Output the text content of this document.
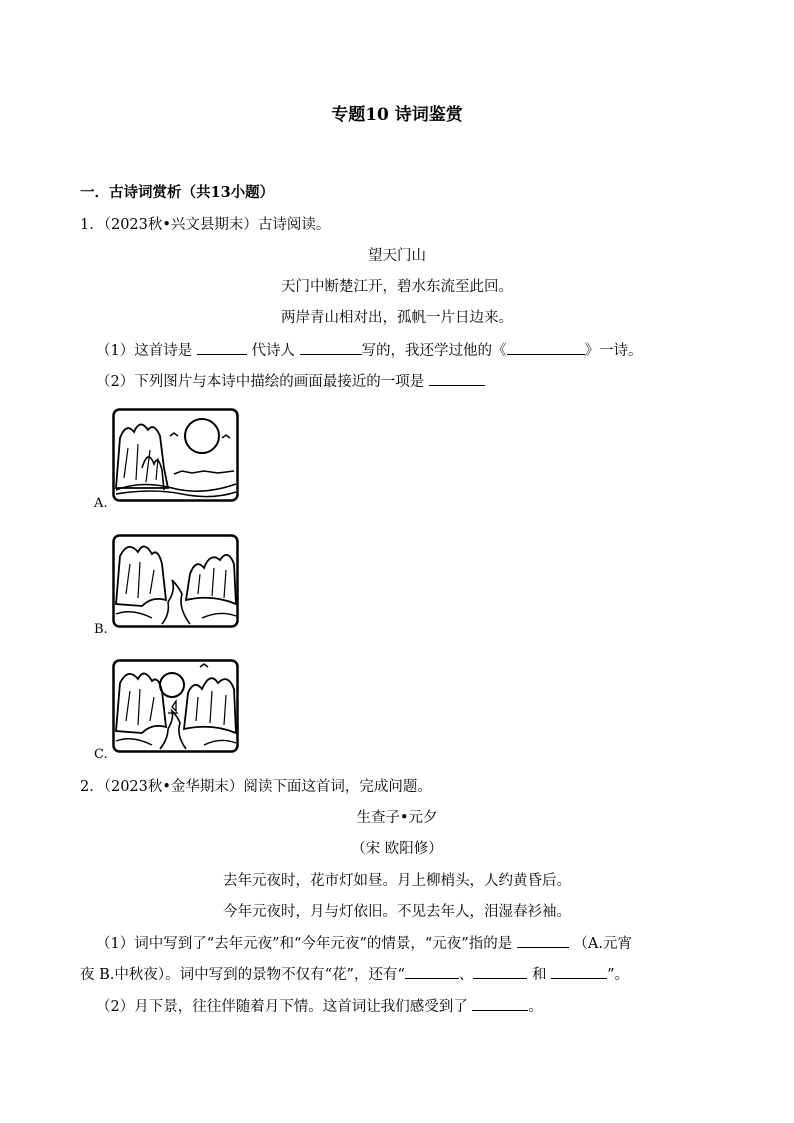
专题10 诗词鉴赏
一．古诗词赏析（共13小题）
1．（2023秋•兴文县期末）古诗阅读。
望天门山
天门中断楚江开，碧水东流至此回。
两岸青山相对出，孤帆一片日边来。
（1）这首诗是	代诗人	写的，我还学过他的《	》一诗。
（2）下列图片与本诗中描绘的画面最接近的一项是
A.
B.
C.
2．（2023秋•金华期末）阅读下面这首词，完成问题。
生查子•元夕
（宋 欧阳修）
去年元夜时，花市灯如昼。月上柳梢头，人约黄昏后。
今年元夜时，月与灯依旧。不见去年人，泪湿春衫袖。
（1）词中写到了“去年元夜”和“今年元夜”的情景，“元夜”指的是	（A.元宵
夜 B.中秋夜）。词中写到的景物不仅有“花”，还有“	、	和	”。
（2）月下景，往往伴随着月下情。这首词让我们感受到了	。
